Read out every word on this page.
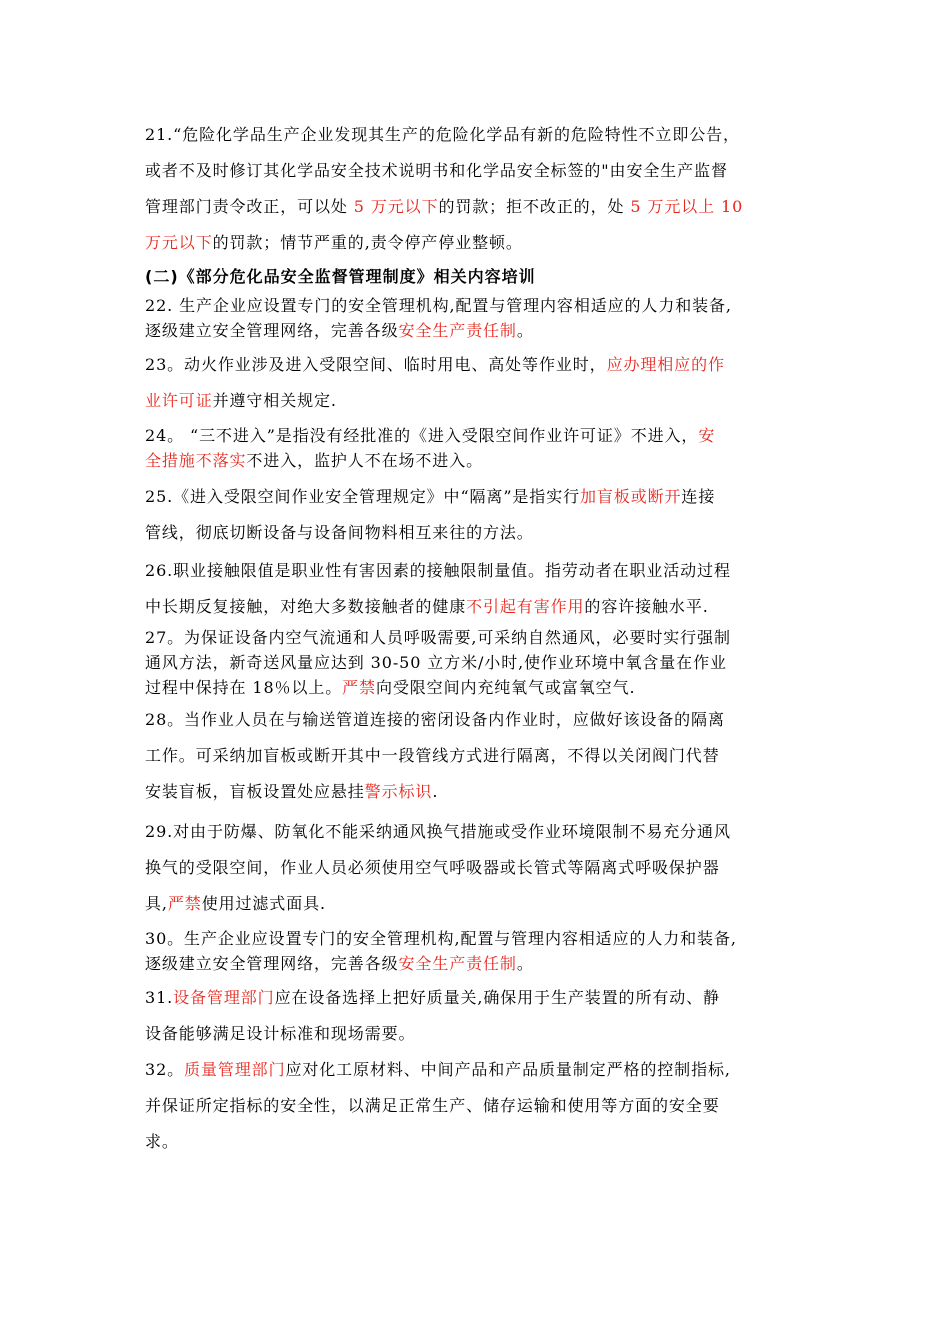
21.“危险化学品生产企业发现其生产的危险化学品有新的危险特性不立即公告，
或者不及时修订其化学品安全技术说明书和化学品安全标签的"由安全生产监督
管理部门责令改正，可以处 5 万元以下的罚款；拒不改正的，处 5 万元以上 10
万元以下的罚款；情节严重的,责令停产停业整顿。

(二)《部分危化品安全监督管理制度》相关内容培训

22. 生产企业应设置专门的安全管理机构,配置与管理内容相适应的人力和装备,
逐级建立安全管理网络，完善各级安全生产责任制。

23。动火作业涉及进入受限空间、临时用电、高处等作业时，应办理相应的作
业许可证并遵守相关规定.

24。 “三不进入”是指没有经批准的《进入受限空间作业许可证》不进入，安
全措施不落实不进入，监护人不在场不进入。

25.《进入受限空间作业安全管理规定》中“隔离”是指实行加盲板或断开连接
管线，彻底切断设备与设备间物料相互来往的方法。

26.职业接触限值是职业性有害因素的接触限制量值。指劳动者在职业活动过程
中长期反复接触，对绝大多数接触者的健康不引起有害作用的容许接触水平.

27。为保证设备内空气流通和人员呼吸需要,可采纳自然通风，必要时实行强制
通风方法，新奇送风量应达到 30-50 立方米/小时,使作业环境中氧含量在作业
过程中保持在 18％以上。严禁向受限空间内充纯氧气或富氧空气.

28。当作业人员在与输送管道连接的密闭设备内作业时，应做好该设备的隔离
工作。可采纳加盲板或断开其中一段管线方式进行隔离，不得以关闭阀门代替
安装盲板，盲板设置处应悬挂警示标识.

29.对由于防爆、防氧化不能采纳通风换气措施或受作业环境限制不易充分通风
换气的受限空间，作业人员必须使用空气呼吸器或长管式等隔离式呼吸保护器
具,严禁使用过滤式面具.

30。生产企业应设置专门的安全管理机构,配置与管理内容相适应的人力和装备,
逐级建立安全管理网络，完善各级安全生产责任制。

31.设备管理部门应在设备选择上把好质量关,确保用于生产装置的所有动、静
设备能够满足设计标准和现场需要。

32。质量管理部门应对化工原材料、中间产品和产品质量制定严格的控制指标,
并保证所定指标的安全性，以满足正常生产、储存运输和使用等方面的安全要
求。
